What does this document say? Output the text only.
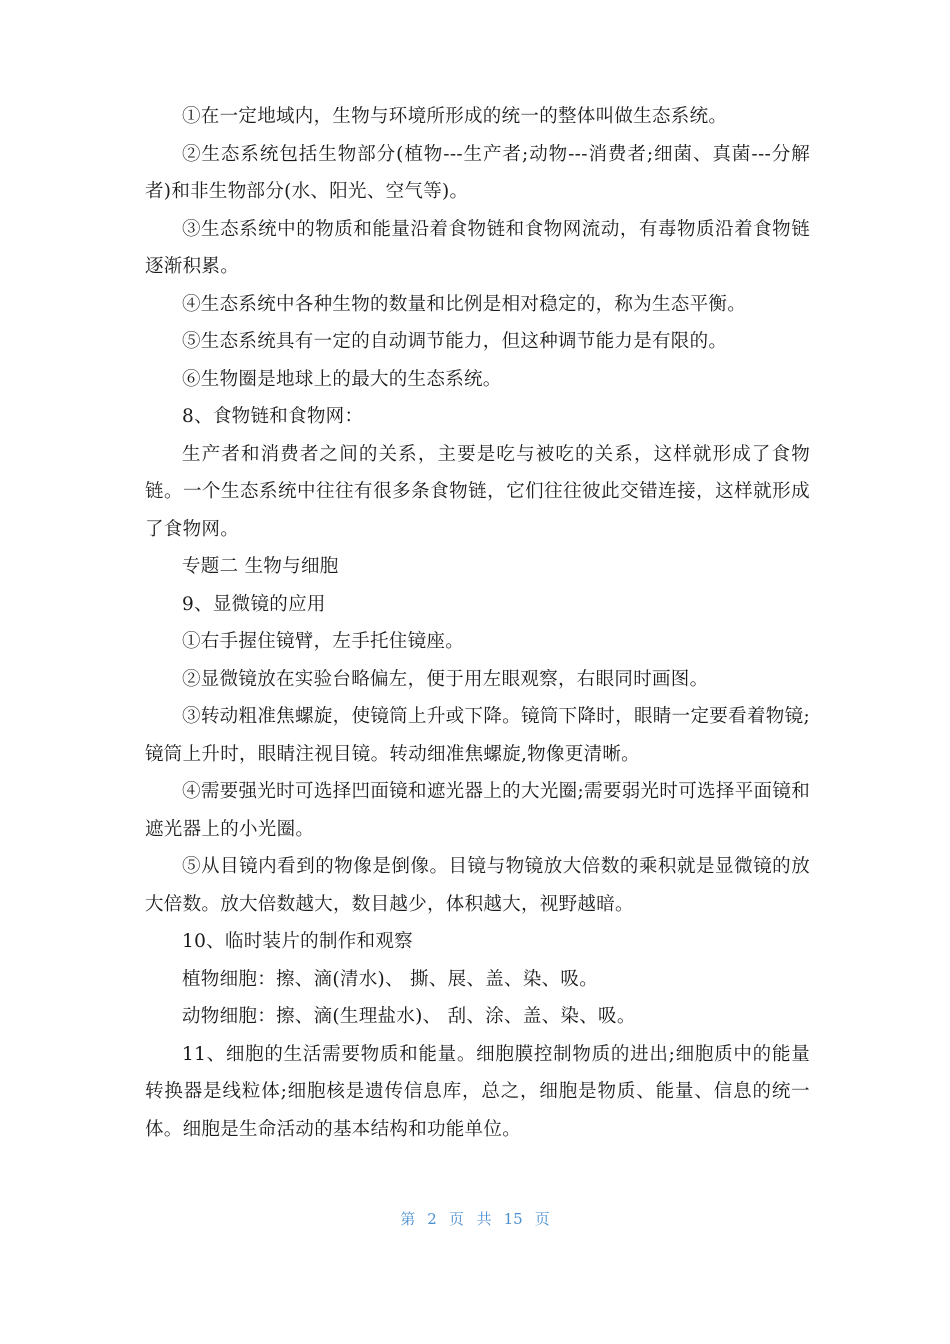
①在一定地域内，生物与环境所形成的统一的整体叫做生态系统。

②生态系统包括生物部分(植物---生产者;动物---消费者;细菌、真菌---分解者)和非生物部分(水、阳光、空气等)。

③生态系统中的物质和能量沿着食物链和食物网流动，有毒物质沿着食物链逐渐积累。

④生态系统中各种生物的数量和比例是相对稳定的，称为生态平衡。

⑤生态系统具有一定的自动调节能力，但这种调节能力是有限的。

⑥生物圈是地球上的最大的生态系统。

8、食物链和食物网：

生产者和消费者之间的关系，主要是吃与被吃的关系，这样就形成了食物链。一个生态系统中往往有很多条食物链，它们往往彼此交错连接，这样就形成了食物网。

专题二 生物与细胞

9、显微镜的应用

①右手握住镜臂，左手托住镜座。

②显微镜放在实验台略偏左，便于用左眼观察，右眼同时画图。

③转动粗准焦螺旋，使镜筒上升或下降。镜筒下降时，眼睛一定要看着物镜;镜筒上升时，眼睛注视目镜。转动细准焦螺旋,物像更清晰。

④需要强光时可选择凹面镜和遮光器上的大光圈;需要弱光时可选择平面镜和遮光器上的小光圈。

⑤从目镜内看到的物像是倒像。目镜与物镜放大倍数的乘积就是显微镜的放大倍数。放大倍数越大，数目越少，体积越大，视野越暗。

10、临时装片的制作和观察

植物细胞：擦、滴(清水)、 撕、展、盖、染、吸。

动物细胞：擦、滴(生理盐水)、 刮、涂、盖、染、吸。

11、细胞的生活需要物质和能量。细胞膜控制物质的进出;细胞质中的能量转换器是线粒体;细胞核是遗传信息库，总之，细胞是物质、能量、信息的统一体。细胞是生命活动的基本结构和功能单位。

第 2 页 共 15 页
